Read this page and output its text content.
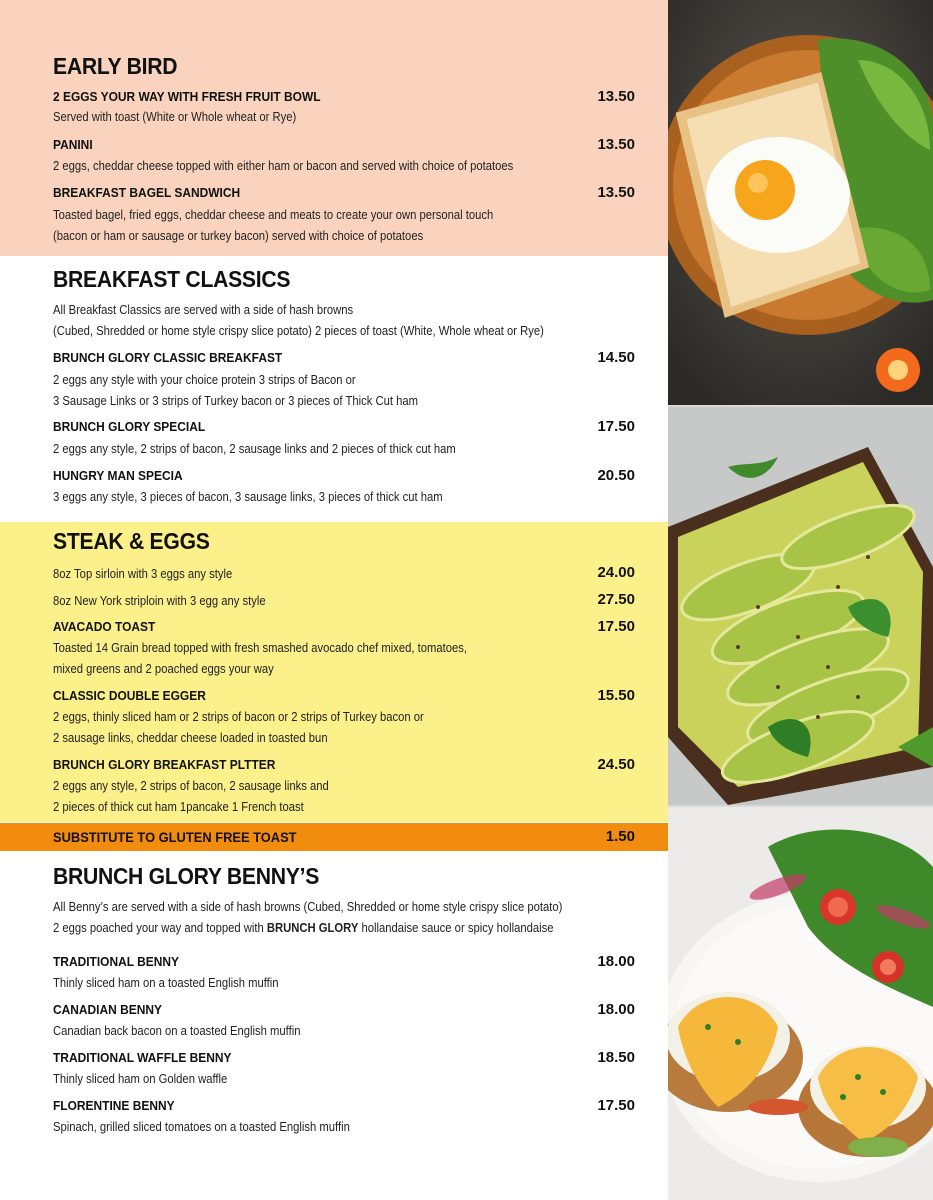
EARLY BIRD
2 EGGS YOUR WAY WITH FRESH FRUIT BOWL	13.50
Served with toast (White or Whole wheat or Rye)
PANINI	13.50
2 eggs, cheddar cheese topped with either ham or bacon and served with choice of potatoes
BREAKFAST BAGEL SANDWICH	13.50
Toasted bagel, fried eggs, cheddar cheese and meats to create your own personal touch
(bacon or ham or sausage or turkey bacon) served with choice of potatoes
BREAKFAST CLASSICS
All Breakfast Classics are served with a side of hash browns
(Cubed, Shredded or home style crispy slice potato) 2 pieces of toast (White, Whole wheat or Rye)
BRUNCH GLORY CLASSIC BREAKFAST	14.50
2 eggs any style with your choice protein 3 strips of Bacon or
3 Sausage Links or 3 strips of Turkey bacon or 3 pieces of Thick Cut ham
BRUNCH GLORY SPECIAL	17.50
2 eggs any style, 2 strips of bacon, 2 sausage links and 2 pieces of thick cut ham
HUNGRY MAN SPECIA	20.50
3 eggs any style, 3 pieces of bacon, 3 sausage links, 3 pieces of thick cut ham
STEAK & EGGS
8oz Top sirloin with 3 eggs any style	24.00
8oz New York striploin with 3 egg any style	27.50
AVACADO TOAST	17.50
Toasted 14 Grain bread topped with fresh smashed avocado chef mixed, tomatoes,
mixed greens and 2 poached eggs your way
CLASSIC DOUBLE EGGER	15.50
2 eggs, thinly sliced ham or 2 strips of bacon or 2 strips of Turkey bacon or
2 sausage links, cheddar cheese loaded in toasted bun
BRUNCH GLORY BREAKFAST PLTTER	24.50
2 eggs any style, 2 strips of bacon, 2 sausage links and
2 pieces of thick cut ham 1pancake 1 French toast
SUBSTITUTE TO GLUTEN FREE TOAST	1.50
BRUNCH GLORY BENNY’S
All Benny’s are served with a side of hash browns (Cubed, Shredded or home style crispy slice potato)
2 eggs poached your way and topped with BRUNCH GLORY hollandaise sauce or spicy hollandaise
TRADITIONAL BENNY	18.00
Thinly sliced ham on a toasted English muffin
CANADIAN BENNY	18.00
Canadian back bacon on a toasted English muffin
TRADITIONAL WAFFLE BENNY	18.50
Thinly sliced ham on Golden waffle
FLORENTINE BENNY	17.50
Spinach, grilled sliced tomatoes on a toasted English muffin
